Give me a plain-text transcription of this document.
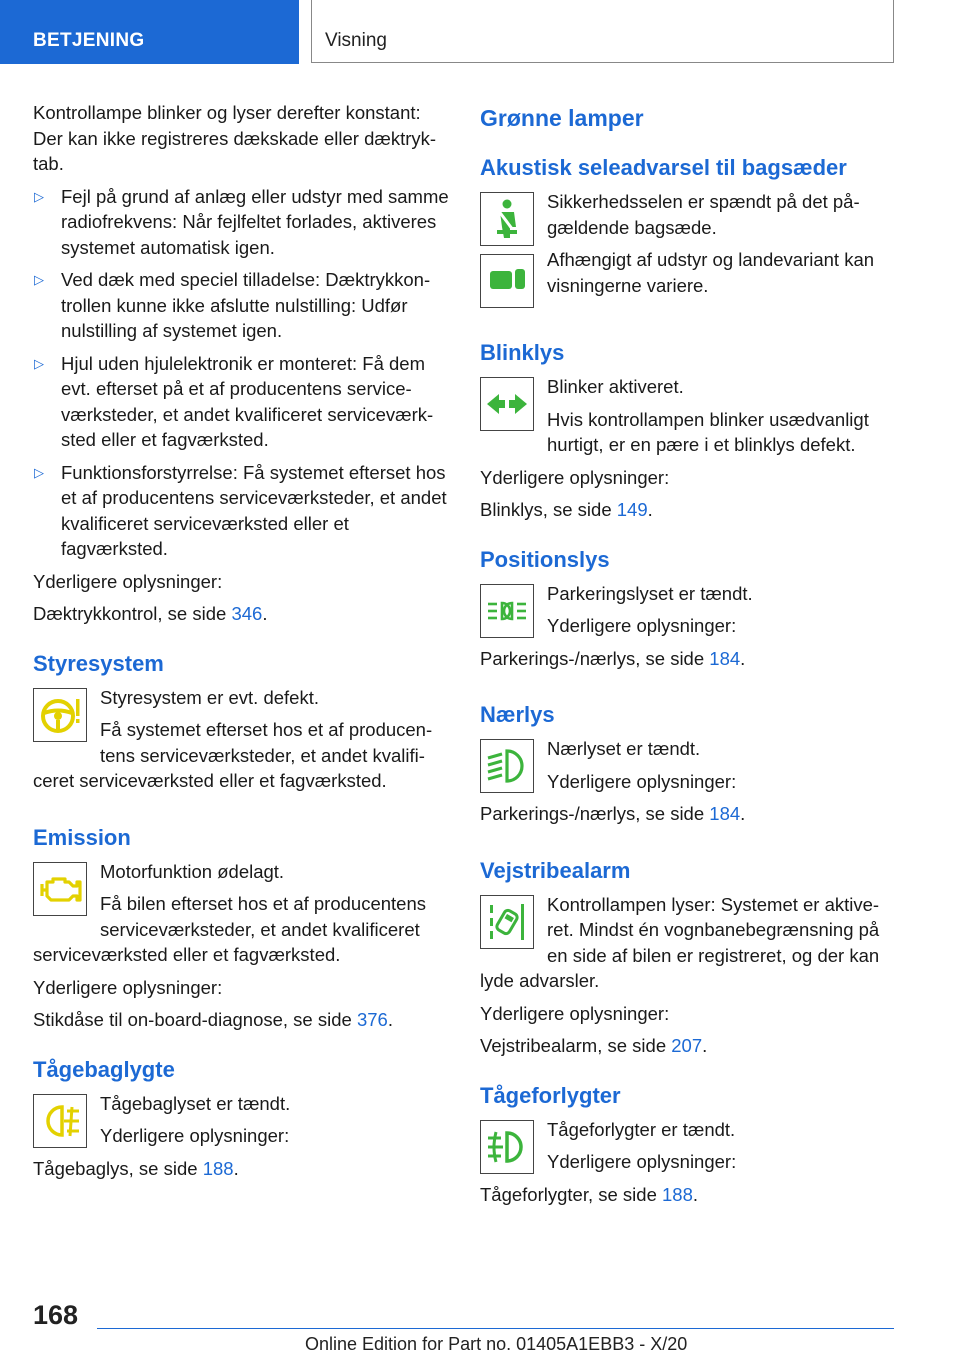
BETJENING	Visning

Kontrollampe blinker og lyser derefter konstant: Der kan ikke registreres dækskade eller dæktryk-tab.

▷ Fejl på grund af anlæg eller udstyr med samme radiofrekvens: Når fejlfeltet forlades, aktiveres systemet automatisk igen.
▷ Ved dæk med speciel tilladelse: Dæktrykkon-trollen kunne ikke afslutte nulstilling: Udfør nulstilling af systemet igen.
▷ Hjul uden hjulelektronik er monteret: Få dem evt. efterset på et af producentens service-værksteder, et andet kvalificeret serviceværk-sted eller et fagværksted.
▷ Funktionsforstyrrelse: Få systemet efterset hos et af producentens serviceværksteder, et andet kvalificeret serviceværksted eller et fagværksted.

Yderligere oplysninger:

Dæktrykkontrol, se side 346.

Styresystem

Styresystem er evt. defekt.

Få systemet efterset hos et af producen-tens serviceværksteder, et andet kvalifi-ceret serviceværksted eller et fagværksted.

Emission

Motorfunktion ødelagt.

Få bilen efterset hos et af producentens serviceværksteder, et andet kvalificeret serviceværksted eller et fagværksted.

Yderligere oplysninger:

Stikdåse til on-board-diagnose, se side 376.

Tågebaglygte

Tågebaglyset er tændt.

Yderligere oplysninger:

Tågebaglys, se side 188.

Grønne lamper
Akustisk seleadvarsel til bagsæder

Sikkerhedsselen er spændt på det på-gældende bagsæde.

Afhængigt af udstyr og landevariant kan visningerne variere.

Blinklys

Blinker aktiveret.

Hvis kontrollampen blinker usædvanligt hurtigt, er en pære i et blinklys defekt.

Yderligere oplysninger:

Blinklys, se side 149.

Positionslys

Parkeringslyset er tændt.

Yderligere oplysninger:

Parkerings-/nærlys, se side 184.

Nærlys

Nærlyset er tændt.

Yderligere oplysninger:

Parkerings-/nærlys, se side 184.

Vejstribealarm

Kontrollampen lyser: Systemet er aktive-ret. Mindst én vognbanebegrænsning på en side af bilen er registreret, og der kan lyde advarsler.

Yderligere oplysninger:

Vejstribealarm, se side 207.

Tågeforlygter

Tågeforlygter er tændt.

Yderligere oplysninger:

Tågeforlygter, se side 188.

168
Online Edition for Part no. 01405A1EBB3 - X/20
